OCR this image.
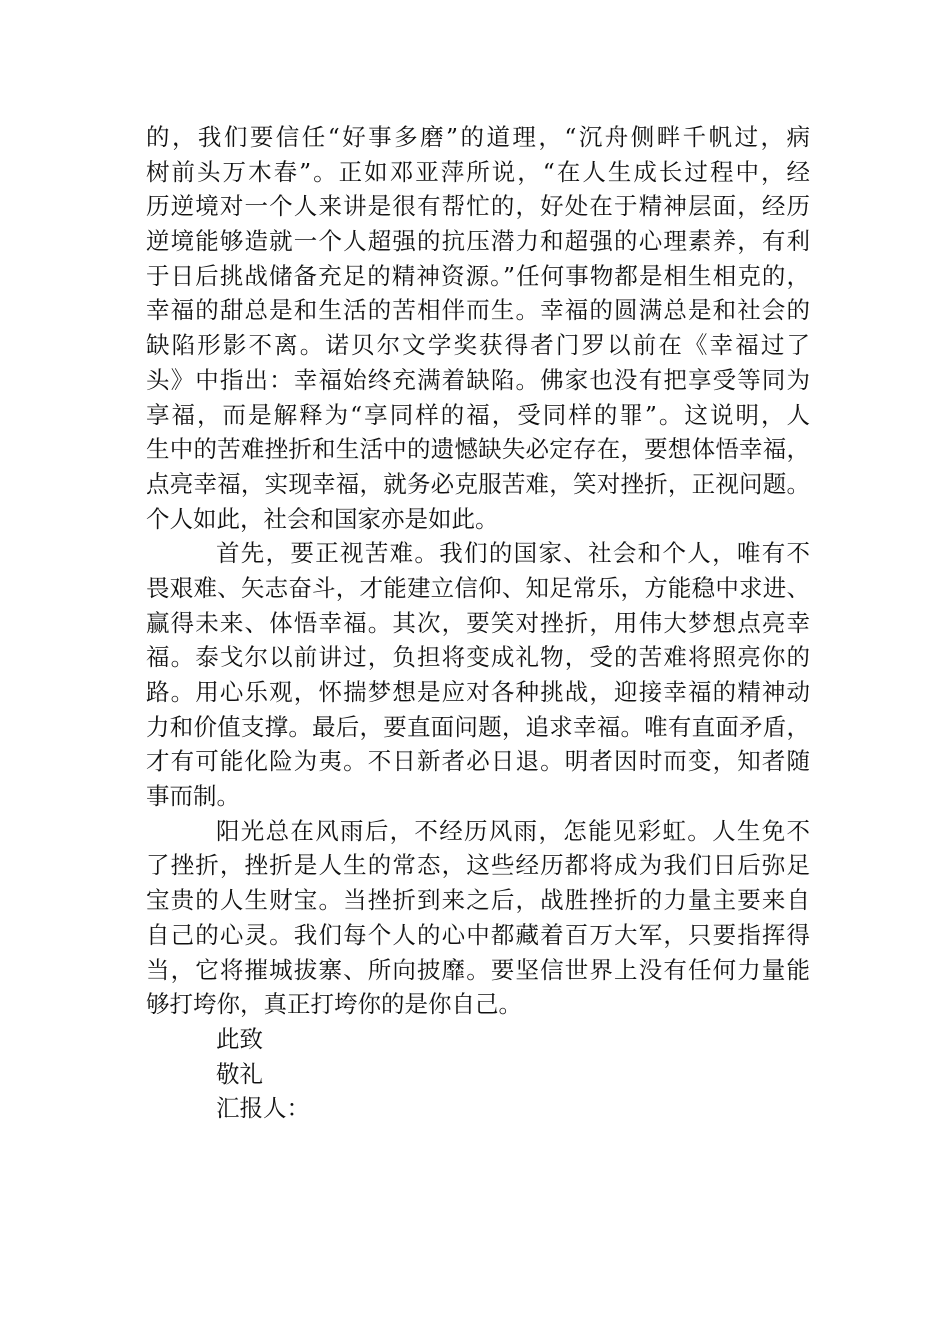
的，我们要信任“好事多磨”的道理，“沉舟侧畔千帆过，病
树前头万木春”。正如邓亚萍所说，“在人生成长过程中，经
历逆境对一个人来讲是很有帮忙的，好处在于精神层面，经历
逆境能够造就一个人超强的抗压潜力和超强的心理素养，有利
于日后挑战储备充足的精神资源。”任何事物都是相生相克的，
幸福的甜总是和生活的苦相伴而生。幸福的圆满总是和社会的
缺陷形影不离。诺贝尔文学奖获得者门罗以前在《幸福过了
头》中指出：幸福始终充满着缺陷。佛家也没有把享受等同为
享福，而是解释为“享同样的福，受同样的罪”。这说明，人
生中的苦难挫折和生活中的遗憾缺失必定存在，要想体悟幸福，
点亮幸福，实现幸福，就务必克服苦难，笑对挫折，正视问题。
个人如此，社会和国家亦是如此。
首先，要正视苦难。我们的国家、社会和个人，唯有不
畏艰难、矢志奋斗，才能建立信仰、知足常乐，方能稳中求进、
赢得未来、体悟幸福。其次，要笑对挫折，用伟大梦想点亮幸
福。泰戈尔以前讲过，负担将变成礼物，受的苦难将照亮你的
路。用心乐观，怀揣梦想是应对各种挑战，迎接幸福的精神动
力和价值支撑。最后，要直面问题，追求幸福。唯有直面矛盾，
才有可能化险为夷。不日新者必日退。明者因时而变，知者随
事而制。
阳光总在风雨后，不经历风雨，怎能见彩虹。人生免不
了挫折，挫折是人生的常态，这些经历都将成为我们日后弥足
宝贵的人生财宝。当挫折到来之后，战胜挫折的力量主要来自
自己的心灵。我们每个人的心中都藏着百万大军，只要指挥得
当，它将摧城拔寨、所向披靡。要坚信世界上没有任何力量能
够打垮你，真正打垮你的是你自己。
此致
敬礼
汇报人：
